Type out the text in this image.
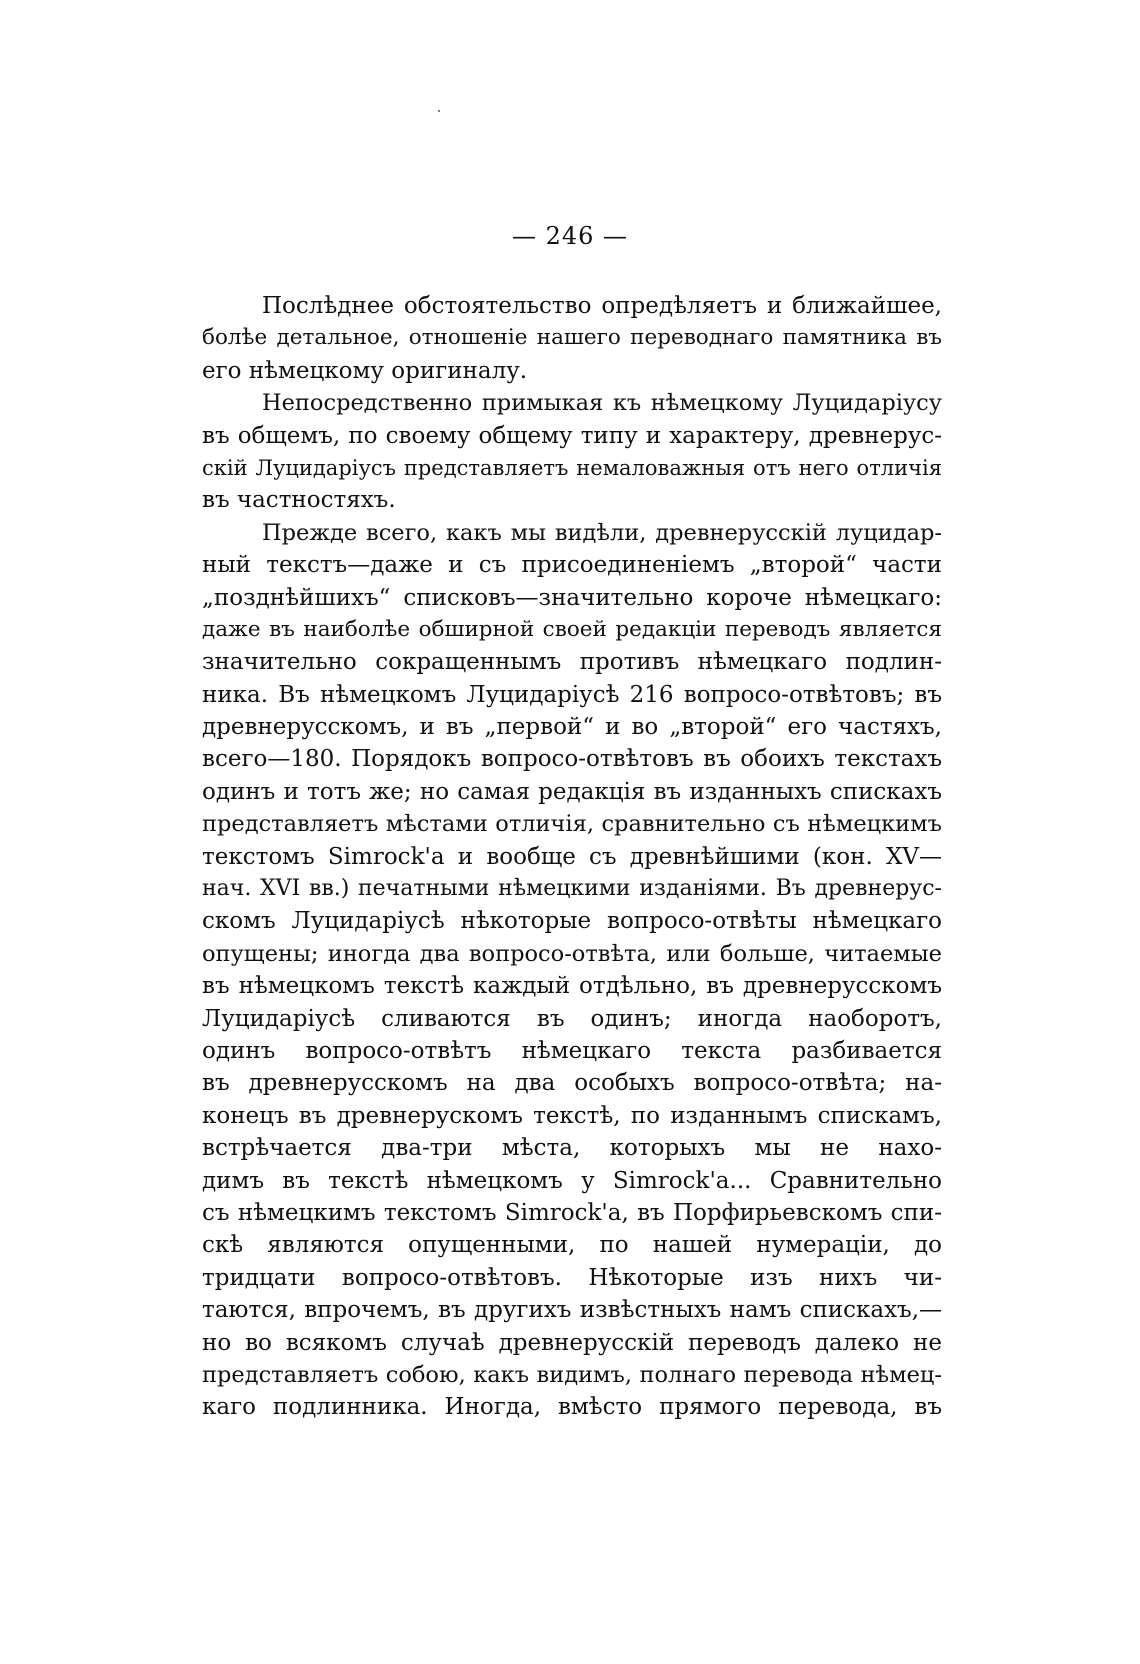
— 246 —
Послѣднее обстоятельство опредѣляетъ и ближайшее,
болѣе детальное, отношеніе нашего переводнаго памятника въ
его нѣмецкому оригиналу.
Непосредственно примыкая къ нѣмецкому Луцидаріусу
въ общемъ, по своему общему типу и характеру, древнерус-
скій Луцидаріусъ представляетъ немаловажныя отъ него отличія
въ частностяхъ.
Прежде всего, какъ мы видѣли, древнерусскій луцидар-
ный текстъ—даже и съ присоединеніемъ „второй“ части
„позднѣйшихъ“ списковъ—значительно короче нѣмецкаго:
даже въ наиболѣе обширной своей редакціи переводъ является
значительно сокращеннымъ противъ нѣмецкаго подлин-
ника. Въ нѣмецкомъ Луцидаріусѣ 216 вопросо-отвѣтовъ; въ
древнерусскомъ, и въ „первой“ и во „второй“ его частяхъ,
всего—180. Порядокъ вопросо-отвѣтовъ въ обоихъ текстахъ
одинъ и тотъ же; но самая редакція въ изданныхъ спискахъ
представляетъ мѣстами отличія, сравнительно съ нѣмецкимъ
текстомъ Simrock'a и вообще съ древнѣйшими (кон. XV—
нач. XVI вв.) печатными нѣмецкими изданіями. Въ древнерус-
скомъ Луцидаріусѣ нѣкоторые вопросо-отвѣты нѣмецкаго
опущены; иногда два вопросо-отвѣта, или больше, читаемые
въ нѣмецкомъ текстѣ каждый отдѣльно, въ древнерусскомъ
Луцидаріусѣ сливаются въ одинъ; иногда наоборотъ,
одинъ вопросо-отвѣтъ нѣмецкаго текста разбивается
въ древнерусскомъ на два особыхъ вопросо-отвѣта; на-
конецъ въ древнерускомъ текстѣ, по изданнымъ спискамъ,
встрѣчается два-три мѣста, которыхъ мы не нахо-
димъ въ текстѣ нѣмецкомъ у Simrock'a... Сравнительно
съ нѣмецкимъ текстомъ Simrock'a, въ Порфирьевскомъ спи-
скѣ являются опущенными, по нашей нумераціи, до
тридцати вопросо-отвѣтовъ. Нѣкоторые изъ нихъ чи-
таются, впрочемъ, въ другихъ извѣстныхъ намъ спискахъ,—
но во всякомъ случаѣ древнерусскій переводъ далеко не
представляетъ собою, какъ видимъ, полнаго перевода нѣмец-
каго подлинника. Иногда, вмѣсто прямого перевода, въ
